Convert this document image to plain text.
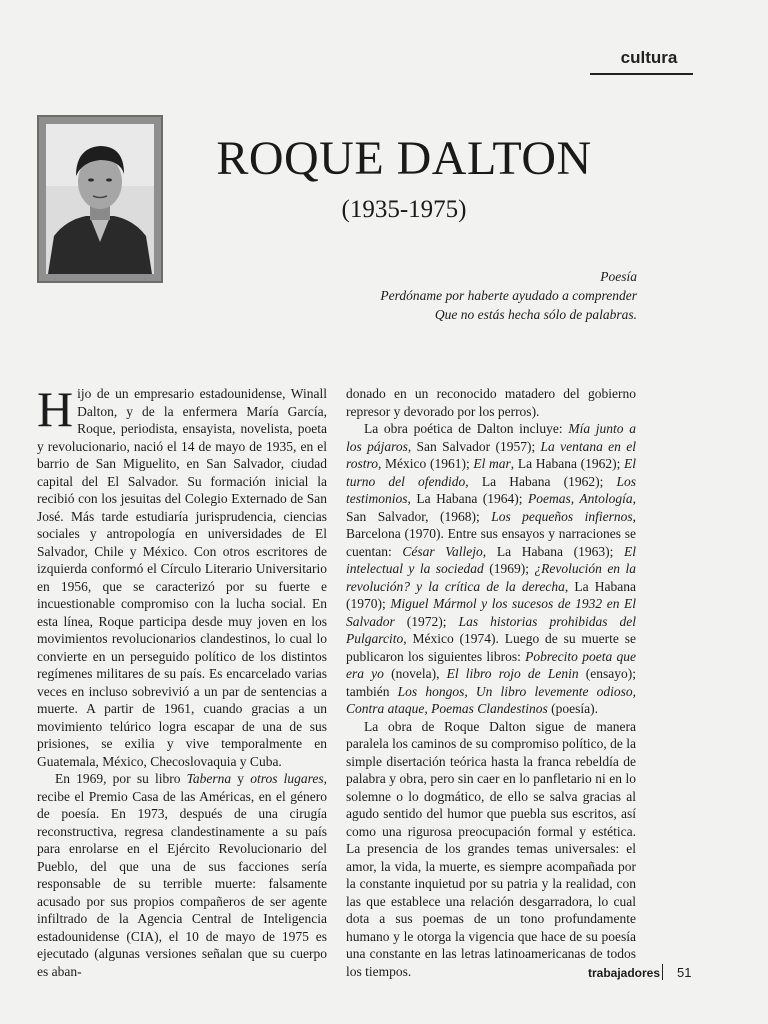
cultura
ROQUE DALTON
(1935-1975)
Poesía
Perdóname por haberte ayudado a comprender
Que no estás hecha sólo de palabras.

Hijo de un empresario estadounidense, Winall Dalton, y de la enfermera María García, Roque, periodista, ensayista, novelista, poeta y revolucionario, nació el 14 de mayo de 1935, en el barrio de San Miguelito, en San Salvador, ciudad capital del El Salvador. Su formación inicial la recibió con los jesuitas del Colegio Externado de San José. Más tarde estudiaría jurisprudencia, ciencias sociales y antropología en universidades de El Salvador, Chile y México. Con otros escritores de izquierda conformó el Círculo Literario Universitario en 1956, que se caracterizó por su fuerte e incuestionable compromiso con la lucha social. En esta línea, Roque participa desde muy joven en los movimientos revolucionarios clandestinos, lo cual lo convierte en un perseguido político de los distintos regímenes militares de su país. Es encarcelado varias veces en incluso sobrevivió a un par de sentencias a muerte. A partir de 1961, cuando gracias a un movimiento telúrico logra escapar de una de sus prisiones, se exilia y vive temporalmente en Guatemala, México, Checoslovaquia y Cuba.

En 1969, por su libro Taberna y otros lugares, recibe el Premio Casa de las Américas, en el género de poesía. En 1973, después de una cirugía reconstructiva, regresa clandestinamente a su país para enrolarse en el Ejército Revolucionario del Pueblo, del que una de sus facciones sería responsable de su terrible muerte: falsamente acusado por sus propios compañeros de ser agente infiltrado de la Agencia Central de Inteligencia estadounidense (CIA), el 10 de mayo de 1975 es ejecutado (algunas versiones señalan que su cuerpo es aban-

donado en un reconocido matadero del gobierno represor y devorado por los perros).

La obra poética de Dalton incluye: Mía junto a los pájaros, San Salvador (1957); La ventana en el rostro, México (1961); El mar, La Habana (1962); El turno del ofendido, La Habana (1962); Los testimonios, La Habana (1964); Poemas, Antología, San Salvador, (1968); Los pequeños infiernos, Barcelona (1970). Entre sus ensayos y narraciones se cuentan: César Vallejo, La Habana (1963); El intelectual y la sociedad (1969); ¿Revolución en la revolución? y la crítica de la derecha, La Habana (1970); Miguel Mármol y los sucesos de 1932 en El Salvador (1972); Las historias prohibidas del Pulgarcito, México (1974). Luego de su muerte se publicaron los siguientes libros: Pobrecito poeta que era yo (novela), El libro rojo de Lenin (ensayo); también Los hongos, Un libro levemente odioso, Contra ataque, Poemas Clandestinos (poesía).

La obra de Roque Dalton sigue de manera paralela los caminos de su compromiso político, de la simple disertación teórica hasta la franca rebeldía de palabra y obra, pero sin caer en lo panfletario ni en lo solemne o lo dogmático, de ello se salva gracias al agudo sentido del humor que puebla sus escritos, así como una rigurosa preocupación formal y estética. La presencia de los grandes temas universales: el amor, la vida, la muerte, es siempre acompañada por la constante inquietud por su patria y la realidad, con las que establece una relación desgarradora, lo cual dota a sus poemas de un tono profundamente humano y le otorga la vigencia que hace de su poesía una constante en las letras latinoamericanas de todos los tiempos.	trabajadores 51
